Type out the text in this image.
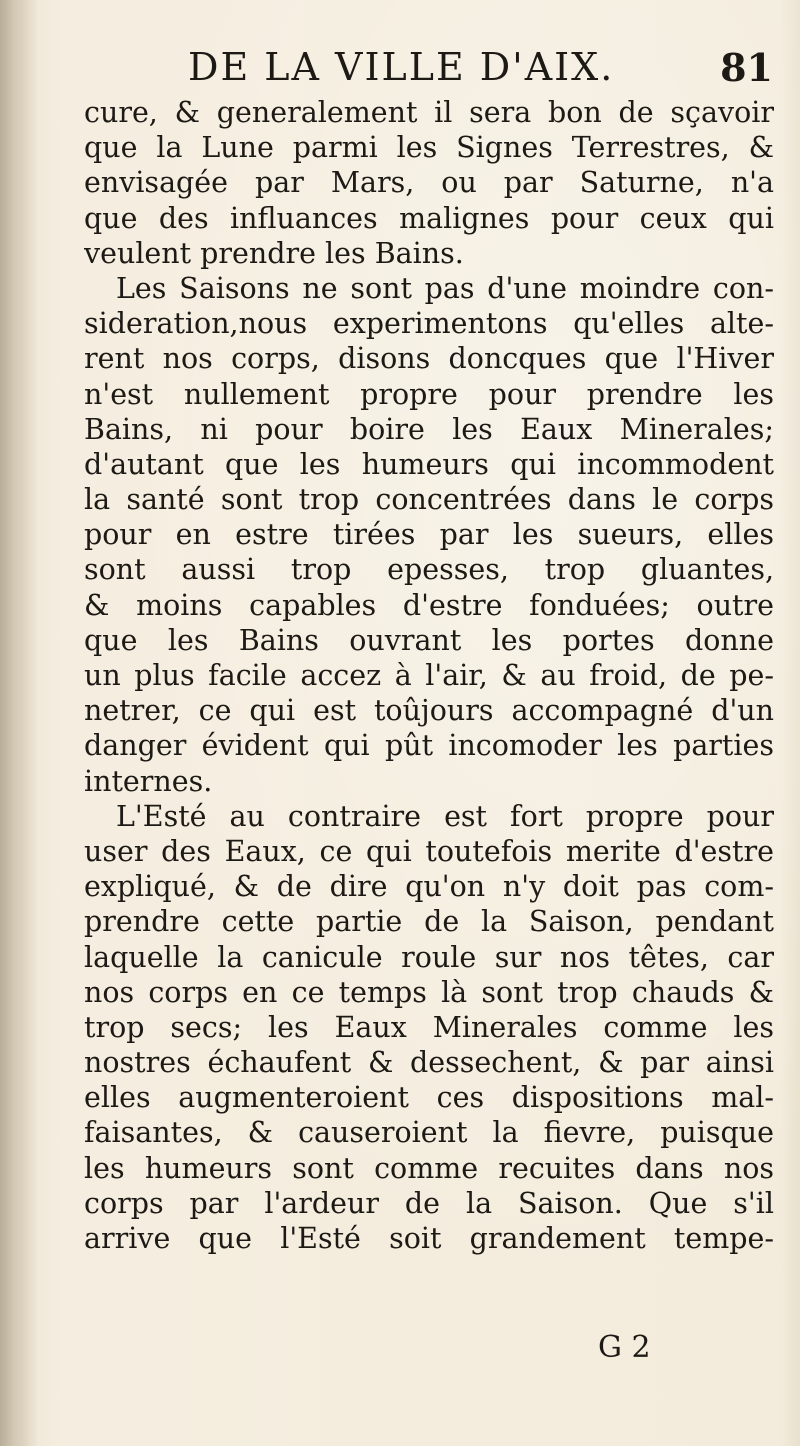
DE LA VILLE D'AIX.	81
cure, & generalement il sera bon de sçavoir
que la Lune parmi les Signes Terrestres, &
envisagée par Mars, ou par Saturne, n'a
que des influances malignes pour ceux qui
veulent prendre les Bains.
Les Saisons ne sont pas d'une moindre con-
sideration,nous experimentons qu'elles alte-
rent nos corps, disons doncques que l'Hiver
n'est nullement propre pour prendre les
Bains, ni pour boire les Eaux Minerales;
d'autant que les humeurs qui incommodent
la santé sont trop concentrées dans le corps
pour en estre tirées par les sueurs, elles
sont aussi trop epesses, trop gluantes,
& moins capables d'estre fonduées; outre
que les Bains ouvrant les portes donne
un plus facile accez à l'air, & au froid, de pe-
netrer, ce qui est toûjours accompagné d'un
danger évident qui pût incomoder les parties
internes.
L'Esté au contraire est fort propre pour
user des Eaux, ce qui toutefois merite d'estre
expliqué, & de dire qu'on n'y doit pas com-
prendre cette partie de la Saison, pendant
laquelle la canicule roule sur nos têtes, car
nos corps en ce temps là sont trop chauds &
trop secs; les Eaux Minerales comme les
nostres échaufent & dessechent, & par ainsi
elles augmenteroient ces dispositions mal-
faisantes, & causeroient la fievre, puisque
les humeurs sont comme recuites dans nos
corps par l'ardeur de la Saison. Que s'il
arrive que l'Esté soit grandement tempe-
G 2
